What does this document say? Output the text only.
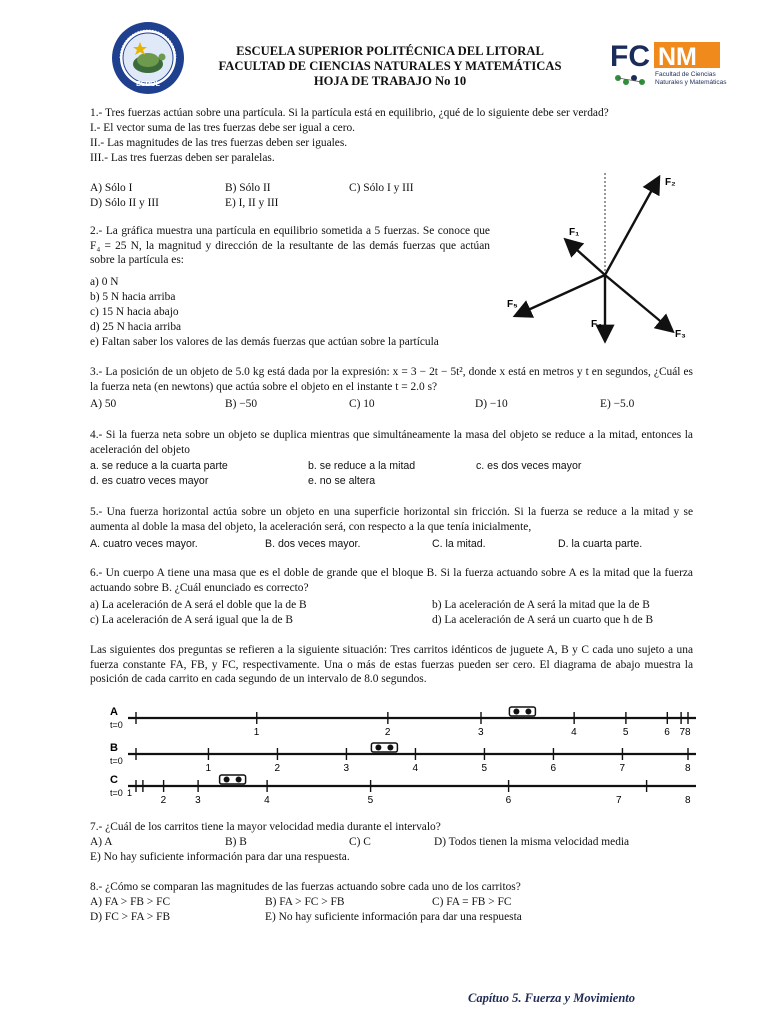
ESPOL
ESCUELA SUPERIOR POLITÉCNICA DEL LITORAL
FACULTAD DE CIENCIAS NATURALES Y MATEMÁTICAS
HOJA DE TRABAJO No 10
FC NM
Facultad de Ciencias
Naturales y Matemáticas
1.- Tres fuerzas actúan sobre una partícula. Si la partícula está en equilibrio, ¿qué de lo siguiente debe ser verdad?
I.- El vector suma de las tres fuerzas debe ser igual a cero.
II.- Las magnitudes de las tres fuerzas deben ser iguales.
III.- Las tres fuerzas deben ser paralelas.
A) Sólo I	B) Sólo II	C) Sólo I y III
D) Sólo II y III	E) I, II y III
2.- La gráfica muestra una partícula en equilibrio sometida a 5 fuerzas. Se conoce que F₄ = 25 N, la magnitud y dirección de la resultante de las demás fuerzas que actúan sobre la partícula es:
a) 0 N
b) 5 N hacia arriba
c) 15 N hacia abajo
d) 25 N hacia arriba
e) Faltan saber los valores de las demás fuerzas que actúan sobre la partícula
F₁
F₂
F₃
F₄
F₅
3.- La posición de un objeto de 5.0 kg está dada por la expresión: x = 3 − 2t − 5t², donde x está en metros y t en segundos, ¿Cuál es la fuerza neta (en newtons) que actúa sobre el objeto en el instante t = 2.0 s?
A) 50	B) −50	C) 10	D) −10	E) −5.0
4.- Si la fuerza neta sobre un objeto se duplica mientras que simultáneamente la masa del objeto se reduce a la mitad, entonces la aceleración del objeto
a. se reduce a la cuarta parte	b. se reduce a la mitad	c. es dos veces mayor
d. es cuatro veces mayor	e. no se altera
5.- Una fuerza horizontal actúa sobre un objeto en una superficie horizontal sin fricción. Si la fuerza se reduce a la mitad y se aumenta al doble la masa del objeto, la aceleración será, con respecto a la que tenía inicialmente,
A. cuatro veces mayor.	B. dos veces mayor.	C. la mitad.	D. la cuarta parte.
6.- Un cuerpo A tiene una masa que es el doble de grande que el bloque B. Si la fuerza actuando sobre A es la mitad que la fuerza actuando sobre B. ¿Cuál enunciado es correcto?
a) La aceleración de A será el doble que la de B	b) La aceleración de A será la mitad que la de B
c) La aceleración de A será igual que la de B	d) La aceleración de A será un cuarto que h de B
Las siguientes dos preguntas se refieren a la siguiente situación: Tres carritos idénticos de juguete A, B y C cada uno sujeto a una fuerza constante FA, FB, y FC, respectivamente. Una o más de estas fuerzas pueden ser cero. El diagrama de abajo muestra la posición de cada carrito en cada segundo de un intervalo de 8.0 segundos.
A
t=0
1	2	3	4	5	6 78
B
t=0
1	2	3	4	5	6	7	8
C
t=0
2	3	4	5	6	7	8
1
7.- ¿Cuál de los carritos tiene la mayor velocidad media durante el intervalo?
A) A	B) B	C) C	D) Todos tienen la misma velocidad media
E) No hay suficiente información para dar una respuesta.
8.- ¿Cómo se comparan las magnitudes de las fuerzas actuando sobre cada uno de los carritos?
A) FA > FB > FC	B) FA > FC > FB	C) FA = FB > FC
D) FC > FA > FB	E) No hay suficiente información para dar una respuesta
Capítuo 5. Fuerza y Movimiento
